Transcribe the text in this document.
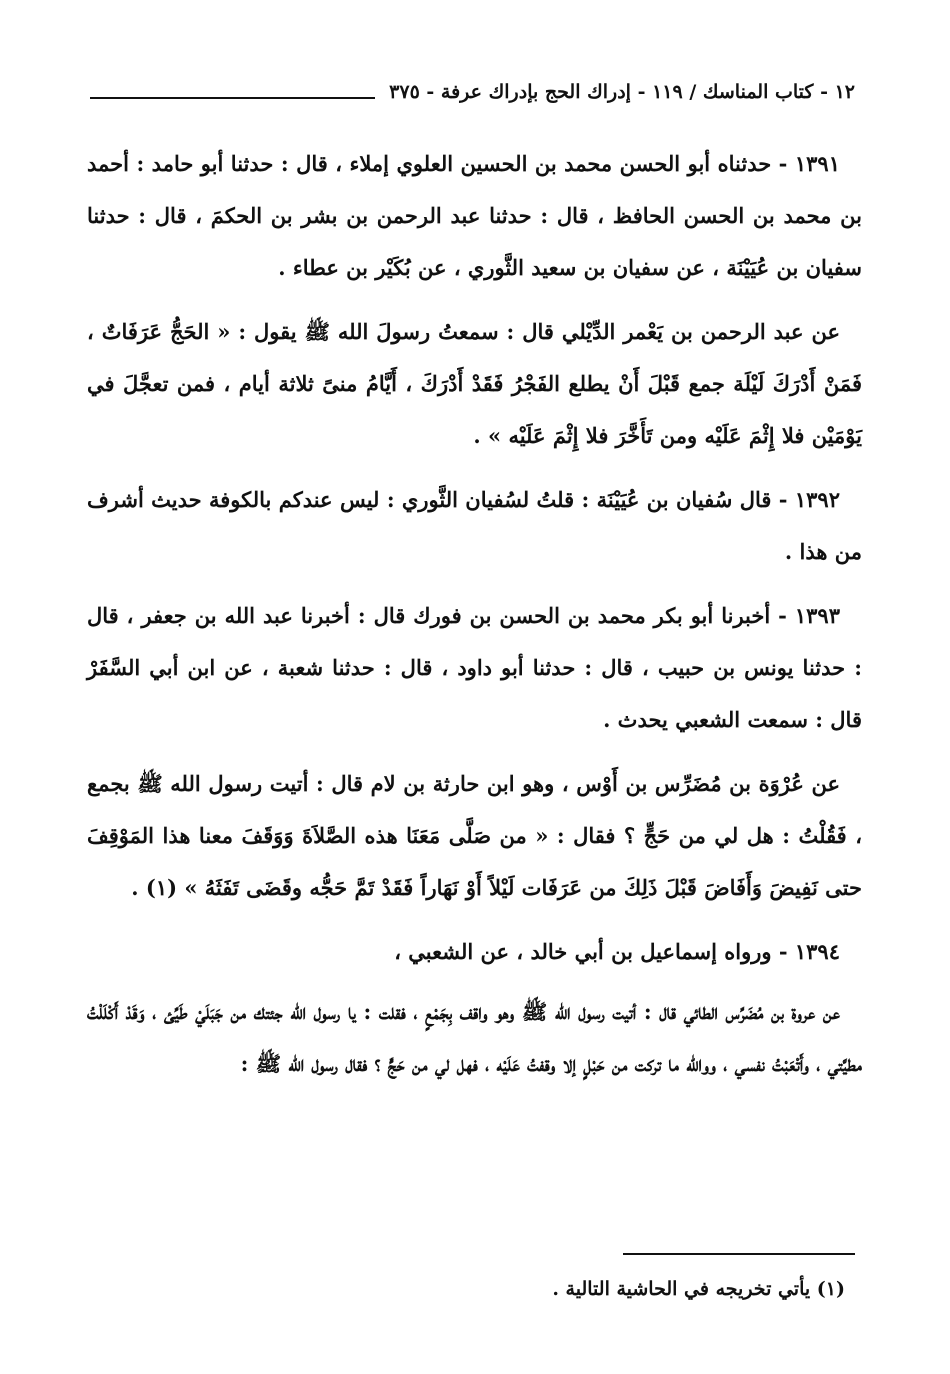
١٢ - كتاب المناسك / ١١٩ - إدراك الحج بإدراك عرفة - ٣٧٥

١٣٩١ - حدثناه أبو الحسن محمد بن الحسين العلوي إملاء ، قال : حدثنا أبو حامد : أحمد بن محمد بن الحسن الحافظ ، قال : حدثنا عبد الرحمن بن بشر بن الحكمَ ، قال : حدثنا سفيان بن عُيَيْنَة ، عن سفيان بن سعيد الثَّوري ، عن بُكَيْر بن عطاء .

عن عبد الرحمن بن يَعْمر الدِّيْلي قال : سمعتُ رسولَ الله ﷺ يقول : « الحَجُّ عَرَفَاتٌ ، فَمَنْ أَدْرَكَ لَيْلَة جمع قَبْلَ أَنْ يطلع الفَجْرُ فَقَدْ أَدْرَكَ ، أَيَّامُ منىً ثلاثة أيام ، فمن تعجَّلَ في يَوْمَيْن فلا إِثْمَ عَلَيْه ومن تَأَخَّرَ فلا إِثْمَ عَلَيْه » .

١٣٩٢ - قال سُفيان بن عُيَيْنَة : قلتُ لسُفيان الثَّوري : ليس عندكم بالكوفة حديث أشرف من هذا .

١٣٩٣ - أخبرنا أبو بكر محمد بن الحسن بن فورك قال : أخبرنا عبد الله بن جعفر ، قال : حدثنا يونس بن حبيب ، قال : حدثنا أبو داود ، قال : حدثنا شعبة ، عن ابن أبي السَّفَرْ قال : سمعت الشعبي يحدث .

عن عُرْوَة بن مُضَرِّس بن أَوْس ، وهو ابن حارثة بن لام قال : أتيت رسول الله ﷺ بجمع ، فَقُلْتُ : هل لي من حَجٍّ ؟ فقال : « من صَلَّى مَعَنَا هذه الصَّلاَةَ وَوَقَفَ معنا هذا المَوْقِفَ حتى نَفِيضَ وَأَفَاضَ قَبْلَ ذَلِكَ من عَرَفَات لَيْلاً أَوْ نَهَاراً فَقَدْ تَمَّ حَجُّه وقَضَى تَفَثَهُ » (١) .

١٣٩٤ - ورواه إسماعيل بن أبي خالد ، عن الشعبي ،

عن عروة بن مُضَرِّس الطائي قال : أتيت رسول الله ﷺ وهو واقف بِجَمْعٍ ، فقلت : يا رسول الله جئتك من جَبَلَيْ طَيِّئ ، وَقَدْ أَكْلَلْتُ مطيَّتي ، وأَتْعَبْتُ نفسي ، ووالله ما تركت من حَبْلٍ إلا وقفتُ عَلَيْه ، فهل لي من حَجٍّ ؟ فقال رسول الله ﷺ :

(١) يأتي تخريجه في الحاشية التالية .
